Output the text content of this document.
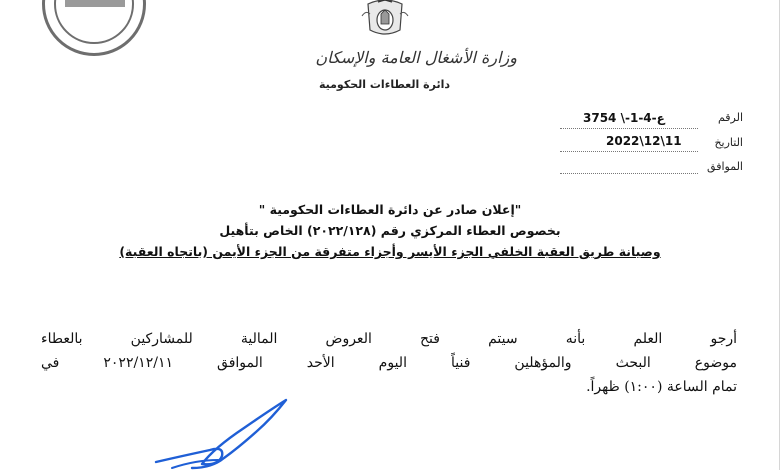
وزارة الأشغال العامة والإسكان
دائرة العطاءات الحكومية
الرقم
ع-4-1-\ 3754
التاريخ
2022\12\11
الموافق
"إعلان صادر عن دائرة العطاءات الحكومية "
بخصوص العطاء المركزي رقم (٢٠٢٢/١٢٨) الخاص بتأهيل
وصيانة طريق العقبة الخلفي الجزء الأيسر وأجزاء متفرقة من الجزء الأيمن (باتجاه العقبة)
أرجو العلم بأنه سيتم فتح العروض المالية للمشاركين بالعطاء
موضوع البحث والمؤهلين فنياً اليوم الأحد الموافق ٢٠٢٢/١٢/١١ في
تمام الساعة (١:٠٠) ظهراً.
